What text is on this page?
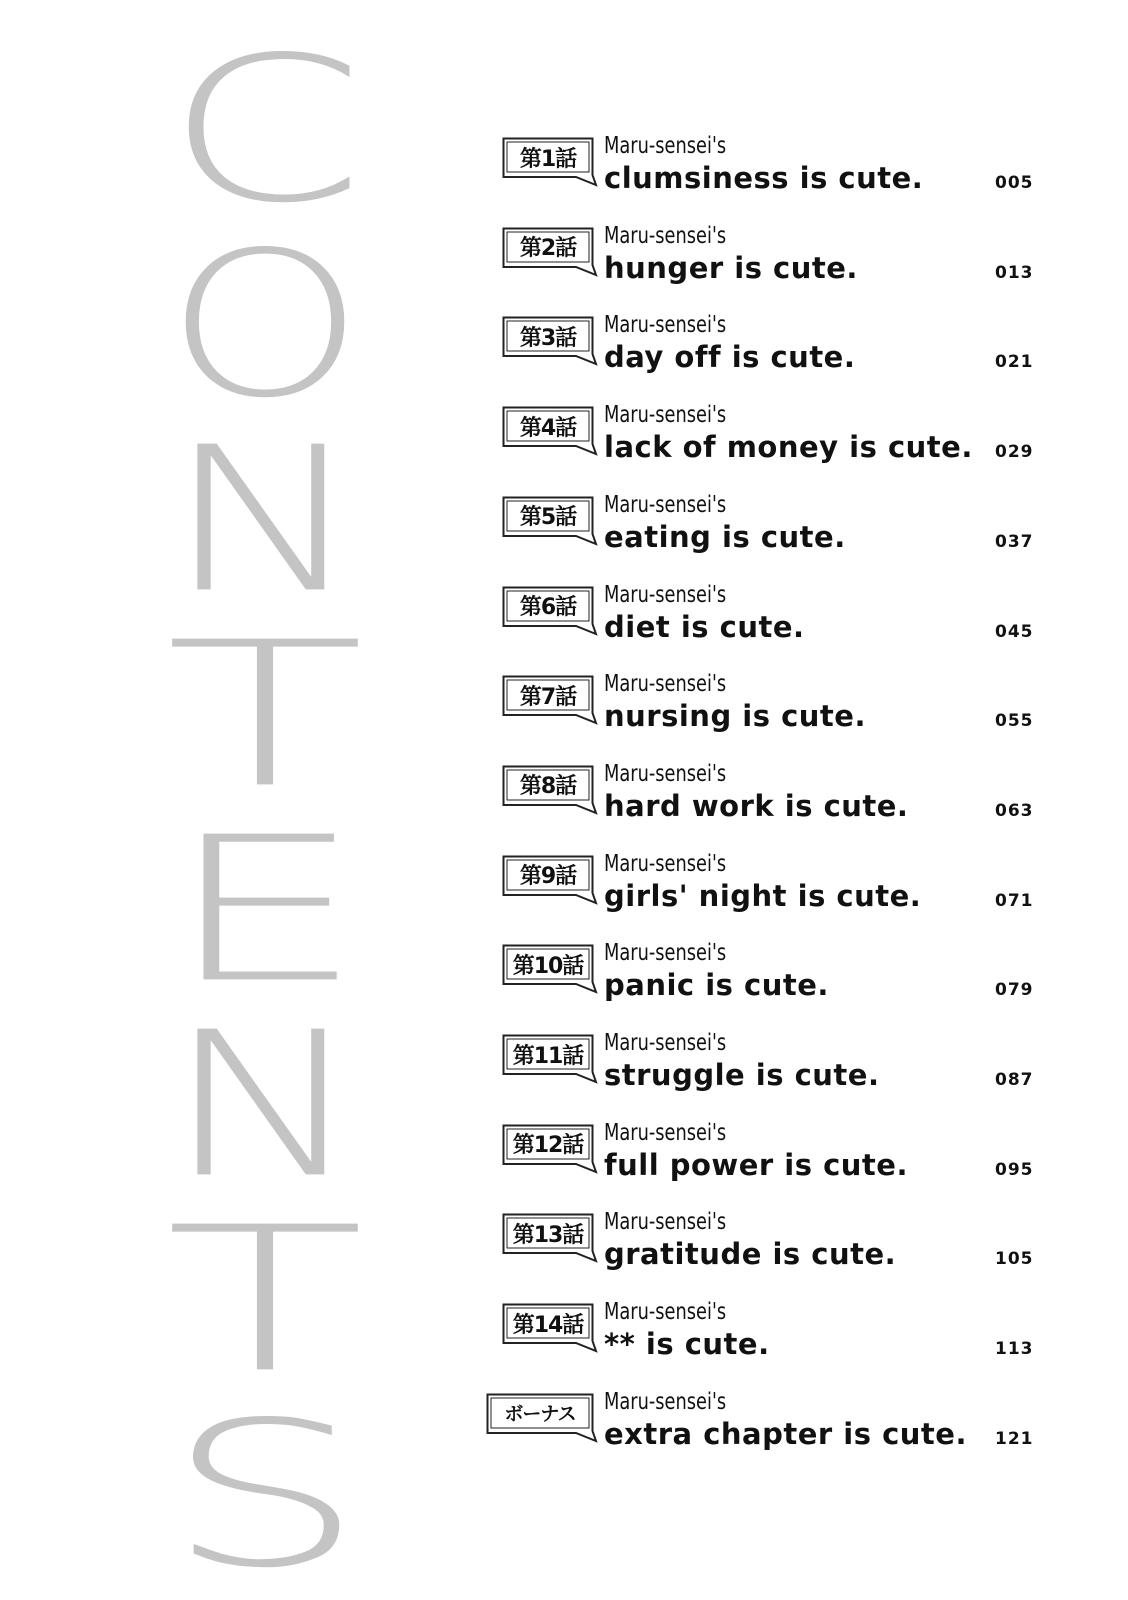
C
O
N
T
E
N
T
S
第1話	Maru-sensei's
clumsiness is cute.	005
第2話	Maru-sensei's
hunger is cute.	013
第3話	Maru-sensei's
day off is cute.	021
第4話	Maru-sensei's
lack of money is cute. 029
第5話	Maru-sensei's
eating is cute.	037
第6話	Maru-sensei's
diet is cute.	045
第7話	Maru-sensei's
nursing is cute.	055
第8話	Maru-sensei's
hard work is cute.	063
第9話	Maru-sensei's
girls' night is cute.	071
第10話 Maru-sensei's
panic is cute.	079
第11話 Maru-sensei's
struggle is cute.	087
第12話 Maru-sensei's
full power is cute.	095
第13話 Maru-sensei's
gratitude is cute.	105
第14話 Maru-sensei's
** is cute.	113
ボーナス	Maru-sensei's
extra chapter is cute. 121
